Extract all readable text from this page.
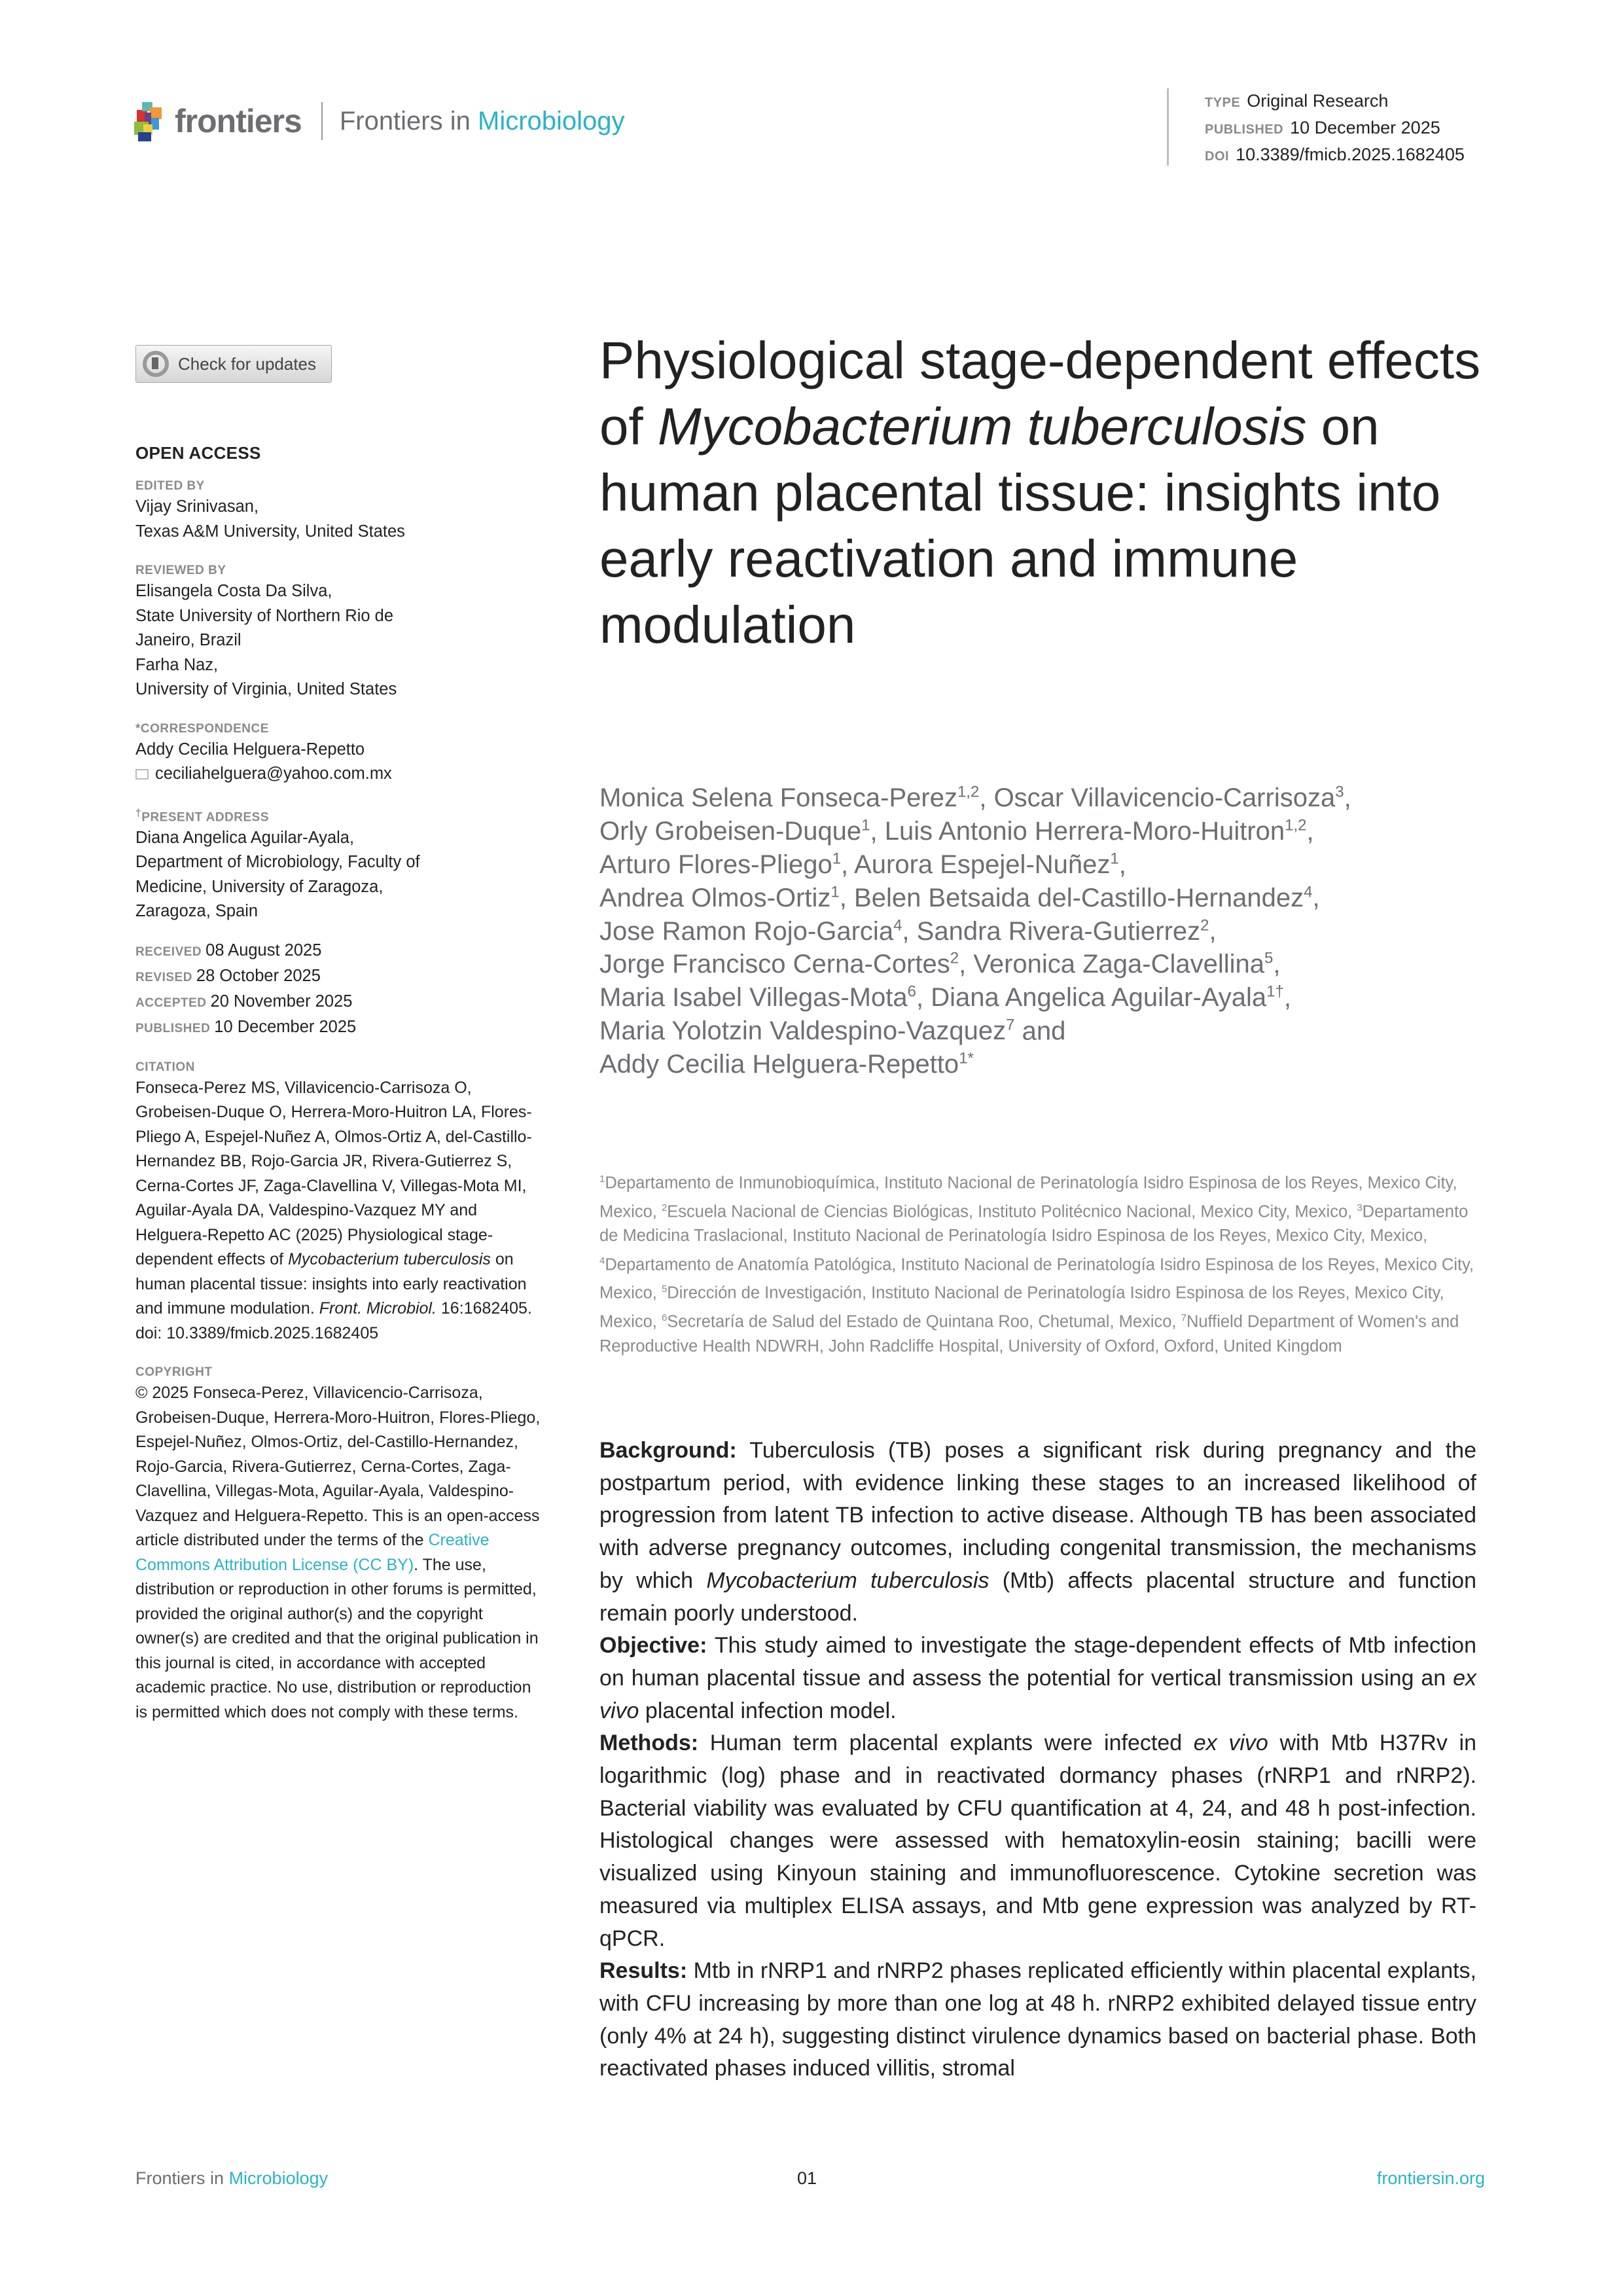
frontiers Frontiers in Microbiology
TYPE Original Research
PUBLISHED 10 December 2025
DOI 10.3389/fmicb.2025.1682405
Check for updates
OPEN ACCESS
EDITED BY
Vijay Srinivasan,
Texas A&M University, United States
REVIEWED BY
Elisangela Costa Da Silva,
State University of Northern Rio de
Janeiro, Brazil
Farha Naz,
University of Virginia, United States
*CORRESPONDENCE
Addy Cecilia Helguera-Repetto
ceciliahelguera@yahoo.com.mx
†PRESENT ADDRESS
Diana Angelica Aguilar-Ayala,
Department of Microbiology, Faculty of
Medicine, University of Zaragoza,
Zaragoza, Spain
RECEIVED 08 August 2025
REVISED 28 October 2025
ACCEPTED 20 November 2025
PUBLISHED 10 December 2025
CITATION
Fonseca-Perez MS, Villavicencio-Carrisoza O, Grobeisen-Duque O, Herrera-Moro-Huitron LA, Flores-Pliego A, Espejel-Nuñez A, Olmos-Ortiz A, del-Castillo-Hernandez BB, Rojo-Garcia JR, Rivera-Gutierrez S, Cerna-Cortes JF, Zaga-Clavellina V, Villegas-Mota MI, Aguilar-Ayala DA, Valdespino-Vazquez MY and Helguera-Repetto AC (2025) Physiological stage-dependent effects of Mycobacterium tuberculosis on human placental tissue: insights into early reactivation and immune modulation. Front. Microbiol. 16:1682405. doi: 10.3389/fmicb.2025.1682405
COPYRIGHT
© 2025 Fonseca-Perez, Villavicencio-Carrisoza, Grobeisen-Duque, Herrera-Moro-Huitron, Flores-Pliego, Espejel-Nuñez, Olmos-Ortiz, del-Castillo-Hernandez, Rojo-Garcia, Rivera-Gutierrez, Cerna-Cortes, Zaga-Clavellina, Villegas-Mota, Aguilar-Ayala, Valdespino-Vazquez and Helguera-Repetto. This is an open-access article distributed under the terms of the Creative Commons Attribution License (CC BY). The use, distribution or reproduction in other forums is permitted, provided the original author(s) and the copyright owner(s) are credited and that the original publication in this journal is cited, in accordance with accepted academic practice. No use, distribution or reproduction is permitted which does not comply with these terms.
Physiological stage-dependent effects of Mycobacterium tuberculosis on human placental tissue: insights into early reactivation and immune modulation
Monica Selena Fonseca-Perez$^{1,2}$, Oscar Villavicencio-Carrisoza$^3$,
Orly Grobeisen-Duque$^1$, Luis Antonio Herrera-Moro-Huitron$^{1,2}$,
Arturo Flores-Pliego$^1$, Aurora Espejel-Nuñez$^1$,
Andrea Olmos-Ortiz$^1$, Belen Betsaida del-Castillo-Hernandez$^4$,
Jose Ramon Rojo-Garcia$^4$, Sandra Rivera-Gutierrez$^2$,
Jorge Francisco Cerna-Cortes$^2$, Veronica Zaga-Clavellina$^5$,
Maria Isabel Villegas-Mota$^6$, Diana Angelica Aguilar-Ayala$^{1\dagger}$,
Maria Yolotzin Valdespino-Vazquez$^7$ and
Addy Cecilia Helguera-Repetto$^{1*}$
$^1$Departamento de Inmunobioquímica, Instituto Nacional de Perinatología Isidro Espinosa de los Reyes, Mexico City, Mexico, $^2$Escuela Nacional de Ciencias Biológicas, Instituto Politécnico Nacional, Mexico City, Mexico, $^3$Departamento de Medicina Traslacional, Instituto Nacional de Perinatología Isidro Espinosa de los Reyes, Mexico City, Mexico, $^4$Departamento de Anatomía Patológica, Instituto Nacional de Perinatología Isidro Espinosa de los Reyes, Mexico City, Mexico, $^5$Dirección de Investigación, Instituto Nacional de Perinatología Isidro Espinosa de los Reyes, Mexico City, Mexico, $^6$Secretaría de Salud del Estado de Quintana Roo, Chetumal, Mexico, $^7$Nuffield Department of Women's and Reproductive Health NDWRH, John Radcliffe Hospital, University of Oxford, Oxford, United Kingdom

Background: Tuberculosis (TB) poses a significant risk during pregnancy and the postpartum period, with evidence linking these stages to an increased likelihood of progression from latent TB infection to active disease. Although TB has been associated with adverse pregnancy outcomes, including congenital transmission, the mechanisms by which Mycobacterium tuberculosis (Mtb) affects placental structure and function remain poorly understood.

Objective: This study aimed to investigate the stage-dependent effects of Mtb infection on human placental tissue and assess the potential for vertical transmission using an ex vivo placental infection model.

Methods: Human term placental explants were infected ex vivo with Mtb H37Rv in logarithmic (log) phase and in reactivated dormancy phases (rNRP1 and rNRP2). Bacterial viability was evaluated by CFU quantification at 4, 24, and 48 h post-infection. Histological changes were assessed with hematoxylin-eosin staining; bacilli were visualized using Kinyoun staining and immunofluorescence. Cytokine secretion was measured via multiplex ELISA assays, and Mtb gene expression was analyzed by RT-qPCR.

Results: Mtb in rNRP1 and rNRP2 phases replicated efficiently within placental explants, with CFU increasing by more than one log at 48 h. rNRP2 exhibited delayed tissue entry (only 4% at 24 h), suggesting distinct virulence dynamics based on bacterial phase. Both reactivated phases induced villitis, stromal

Frontiers in Microbiology	01	frontiersin.org
